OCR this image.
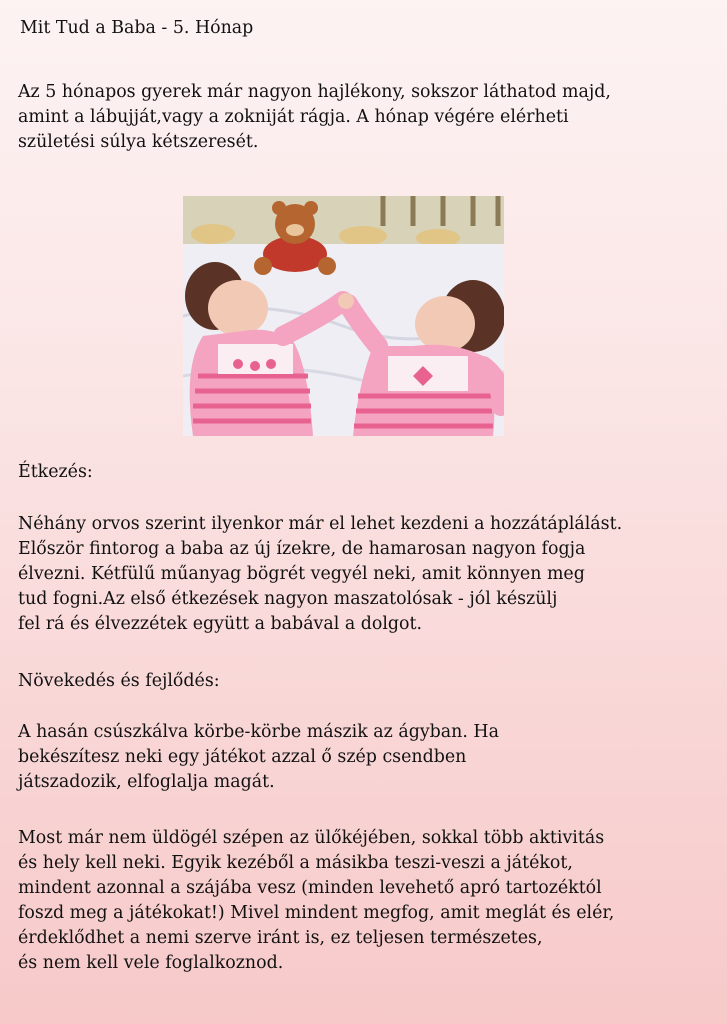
Mit Tud a Baba - 5. Hónap

Az 5 hónapos gyerek már nagyon hajlékony, sokszor láthatod majd,
amint a lábujját,vagy a zokniját rágja. A hónap végére elérheti
születési súlya kétszeresét.

Étkezés:

Néhány orvos szerint ilyenkor már el lehet kezdeni a hozzátáplálást.
Először fintorog a baba az új ízekre, de hamarosan nagyon fogja
élvezni. Kétfülű műanyag bögrét vegyél neki, amit könnyen meg
tud fogni.Az első étkezések nagyon maszatolósak - jól készülj
fel rá és élvezzétek együtt a babával a dolgot.

Növekedés és fejlődés:

A hasán csúszkálva körbe-körbe mászik az ágyban. Ha
bekészítesz neki egy játékot azzal ő szép csendben
játszadozik, elfoglalja magát.

Most már nem üldögél szépen az ülőkéjében, sokkal több aktivitás
és hely kell neki. Egyik kezéből a másikba teszi-veszi a játékot,
mindent azonnal a szájába vesz (minden levehető apró tartozéktól
foszd meg a játékokat!) Mivel mindent megfog, amit meglát és elér,
érdeklődhet a nemi szerve iránt is, ez teljesen természetes,
és nem kell vele foglalkoznod.
